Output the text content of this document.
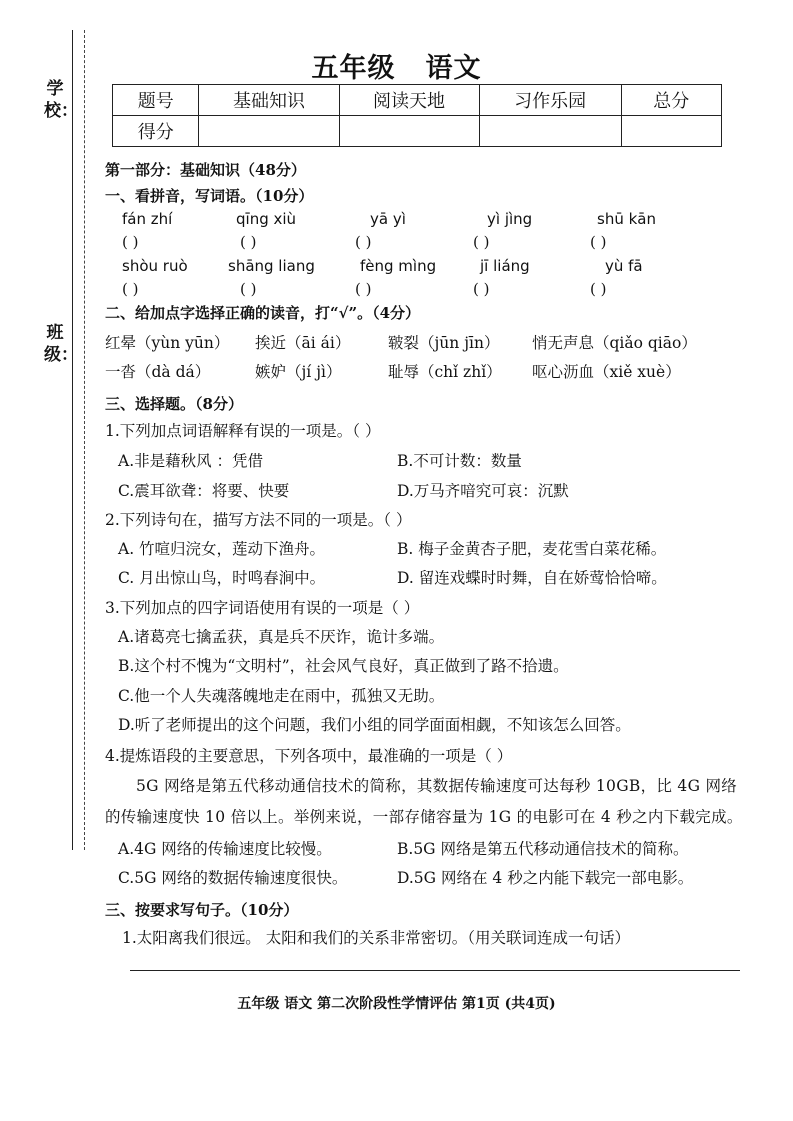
学校：
班级：
五年级 语文
题号	基础知识	阅读天地	习作乐园	总分
得分				
第一部分：基础知识（48分）
一、看拼音，写词语。（10分）
fán zhí	qīng xiù	yā yì	yì jìng	shū kān
( )	( )	( )	( )	( )
shòu ruò	shāng liang	fèng mìng	jī liáng	yù fā
( )	( )	( )	( )	( )
二、给加点字选择正确的读音，打“√”。（4分）
红晕（yùn yūn） 挨近（āi ái） 皲裂（jūn jīn） 悄无声息（qiǎo qiāo）
一沓（dà dá）	嫉妒（jí jì）	耻辱（chǐ zhǐ） 呕心沥血（xiě xuè）
三、选择题。（8分）
1.下列加点词语解释有误的一项是。（ ）
A.非是藉秋风 ：凭借	B.不可计数：数量
C.震耳欲聋：将要、快要	D.万马齐喑究可哀：沉默
2.下列诗句在，描写方法不同的一项是。（ ）
A. 竹喧归浣女，莲动下渔舟。	B. 梅子金黄杏子肥，麦花雪白菜花稀。
C. 月出惊山鸟，时鸣春涧中。	D. 留连戏蝶时时舞，自在娇莺恰恰啼。
3.下列加点的四字词语使用有误的一项是（ ）
A.诸葛亮七擒孟获，真是兵不厌诈，诡计多端。
B.这个村不愧为“文明村”，社会风气良好，真正做到了路不拾遗。
C.他一个人失魂落魄地走在雨中，孤独又无助。
D.听了老师提出的这个问题，我们小组的同学面面相觑，不知该怎么回答。
4.提炼语段的主要意思，下列各项中，最准确的一项是（ ）
5G 网络是第五代移动通信技术的简称，其数据传输速度可达每秒 10GB，比 4G 网络
的传输速度快 10 倍以上。举例来说，一部存储容量为 1G 的电影可在 4 秒之内下载完成。
A.4G 网络的传输速度比较慢。	B.5G 网络是第五代移动通信技术的简称。
C.5G 网络的数据传输速度很快。	D.5G 网络在 4 秒之内能下载完一部电影。
三、按要求写句子。（10分）
1.太阳离我们很远。 太阳和我们的关系非常密切。（用关联词连成一句话）
五年级 语文 第二次阶段性学情评估 第1页 (共4页)
